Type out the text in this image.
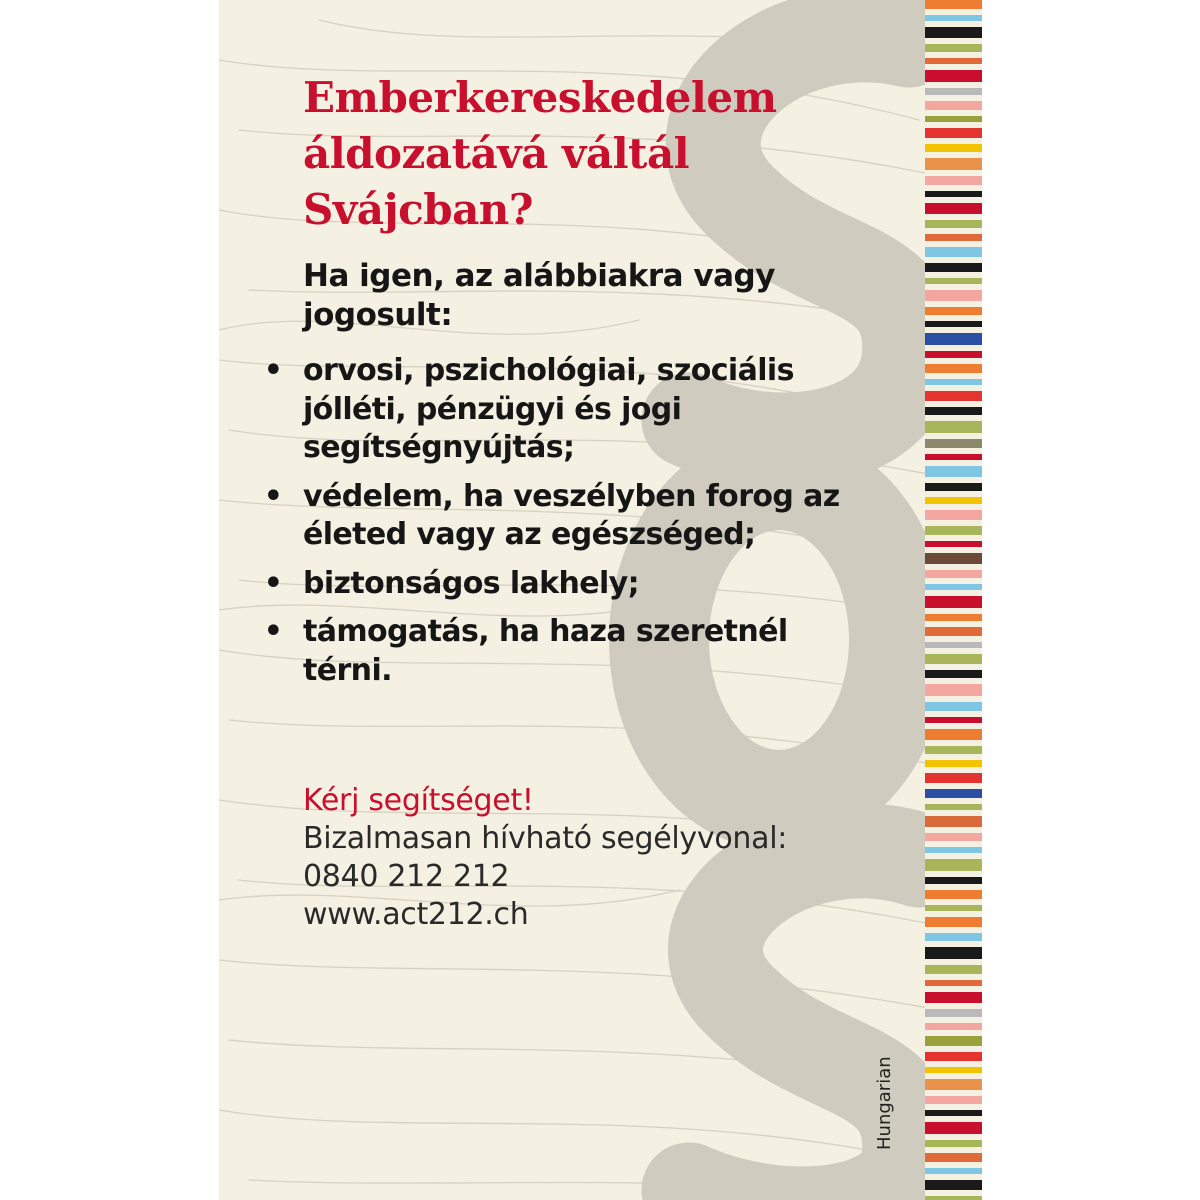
Emberkereskedelem
áldozatává váltál
Svájcban?
Ha igen, az alábbiakra vagy jogosult:
• orvosi, pszichológiai, szociális jólléti, pénzügyi és jogi segítségnyújtás;
• védelem, ha veszélyben forog az életed vagy az egészséged;
• biztonságos lakhely;
• támogatás, ha haza szeretnél térni.
Kérj segítséget!
Bizalmasan hívható segélyvonal:
0840 212 212
www.act212.ch
Hungarian
